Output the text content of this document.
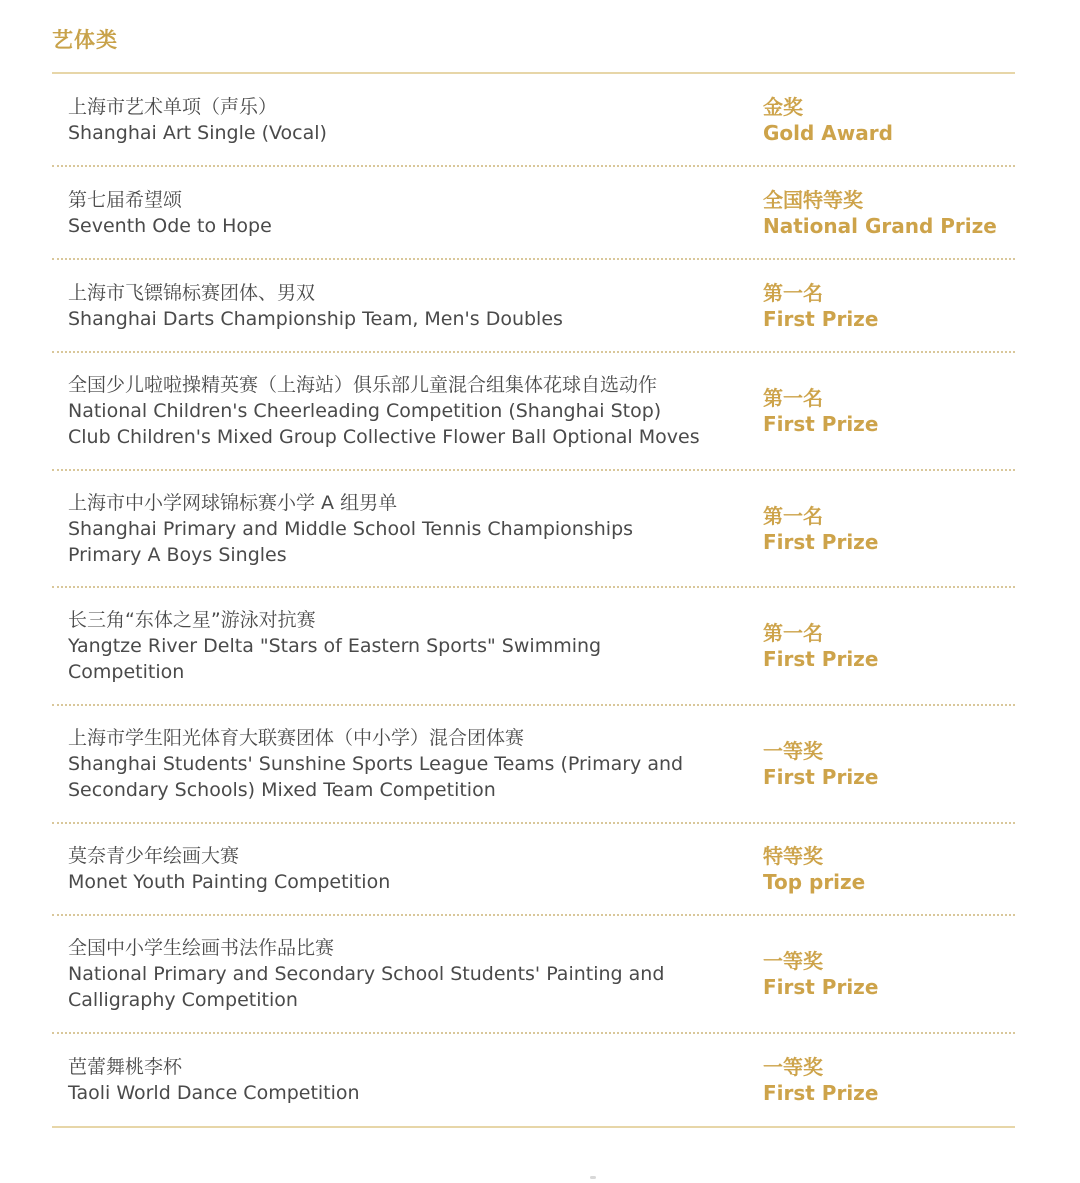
艺体类
上海市艺术单项（声乐）
Shanghai Art Single (Vocal)
金奖
Gold Award
第七届希望颂
Seventh Ode to Hope
全国特等奖
National Grand Prize
上海市飞镖锦标赛团体、男双
Shanghai Darts Championship Team, Men's Doubles
第一名
First Prize
全国少儿啦啦操精英赛（上海站）俱乐部儿童混合组集体花球自选动作
National Children's Cheerleading Competition (Shanghai Stop)
Club Children's Mixed Group Collective Flower Ball Optional Moves
第一名
First Prize
上海市中小学网球锦标赛小学 A 组男单
Shanghai Primary and Middle School Tennis Championships
Primary A Boys Singles
第一名
First Prize
长三角“东体之星”游泳对抗赛
Yangtze River Delta "Stars of Eastern Sports" Swimming
Competition
第一名
First Prize
上海市学生阳光体育大联赛团体（中小学）混合团体赛
Shanghai Students' Sunshine Sports League Teams (Primary and
Secondary Schools) Mixed Team Competition
一等奖
First Prize
莫奈青少年绘画大赛
Monet Youth Painting Competition
特等奖
Top prize
全国中小学生绘画书法作品比赛
National Primary and Secondary School Students' Painting and
Calligraphy Competition
一等奖
First Prize
芭蕾舞桃李杯
Taoli World Dance Competition
一等奖
First Prize
